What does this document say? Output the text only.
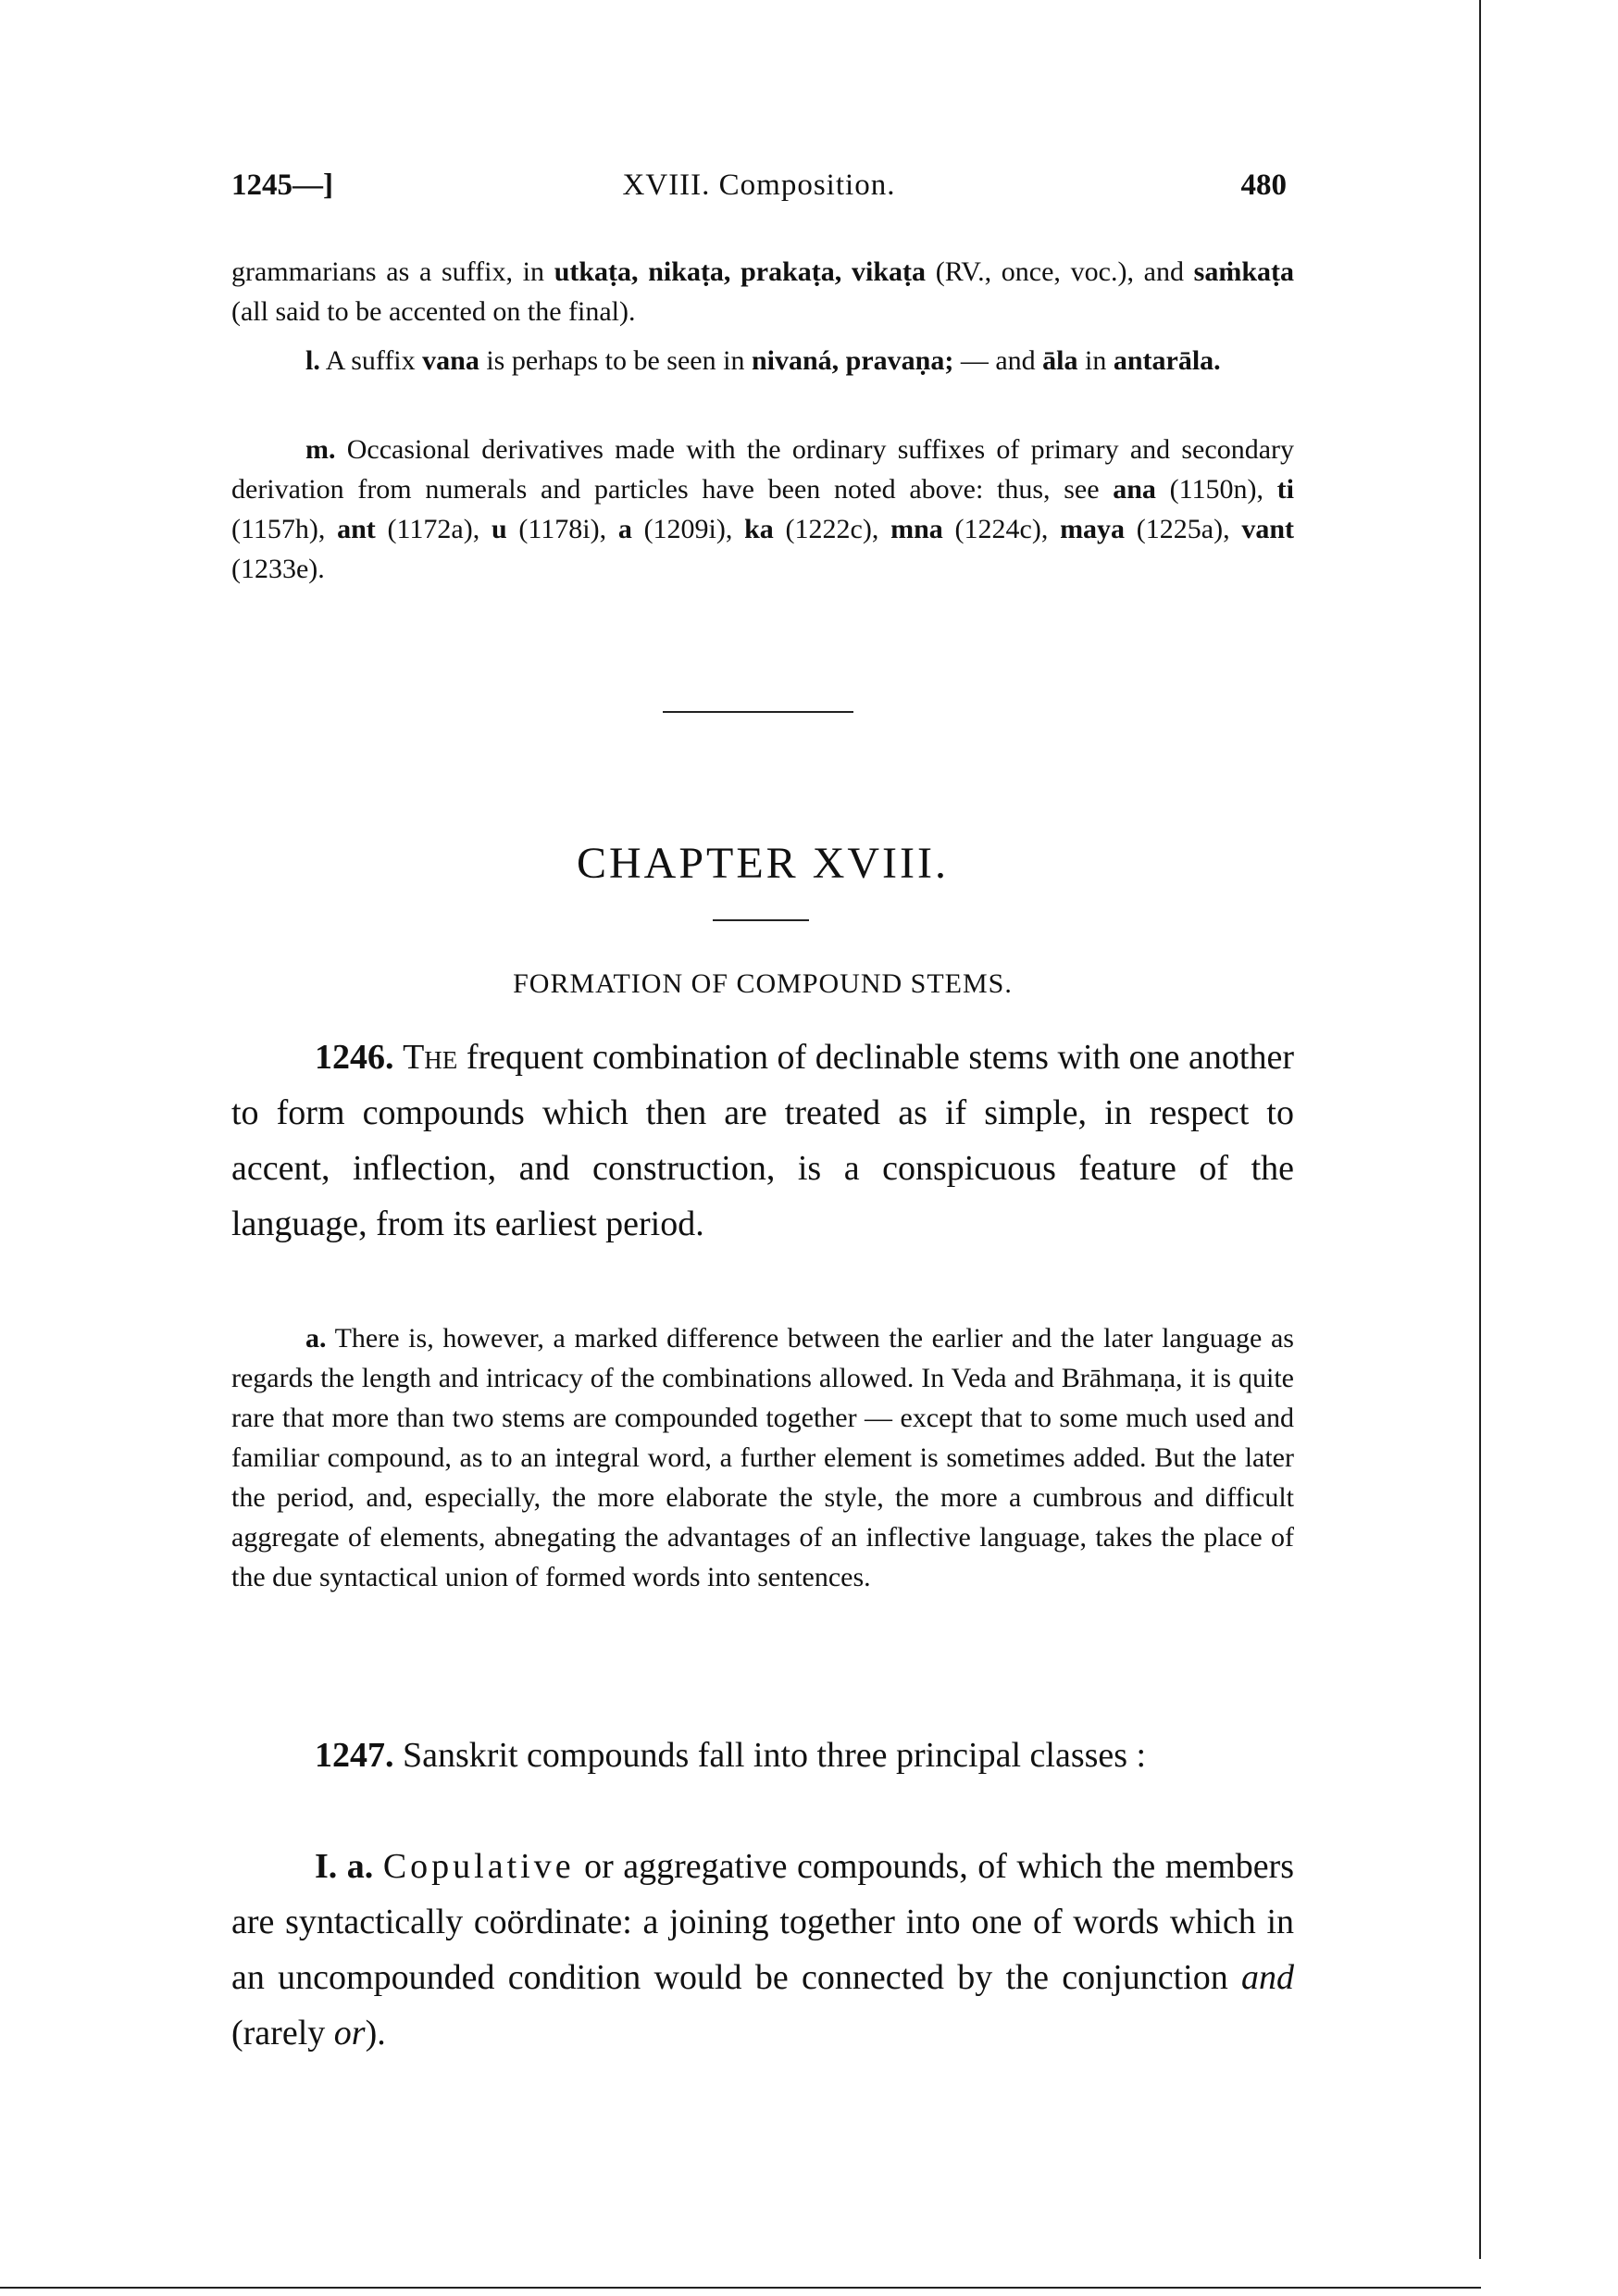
1245—]	XVIII. Composition.	480

grammarians as a suffix, in utkaṭa, nikaṭa, prakaṭa, vikaṭa (RV., once, voc.), and saṁkaṭa (all said to be accented on the final).

l. A suffix vana is perhaps to be seen in nivaná, pravaṇa; — and āla in antarāla.

m. Occasional derivatives made with the ordinary suffixes of primary and secondary derivation from numerals and particles have been noted above: thus, see ana (1150n), ti (1157h), ant (1172a), u (1178i), a (1209i), ka (1222c), mna (1224c), maya (1225a), vant (1233e).

CHAPTER XVIII.
FORMATION OF COMPOUND STEMS.

1246. The frequent combination of declinable stems with one another to form compounds which then are treated as if simple, in respect to accent, inflection, and construction, is a conspicuous feature of the language, from its earliest period.

a. There is, however, a marked difference between the earlier and the later language as regards the length and intricacy of the combinations allowed. In Veda and Brāhmaṇa, it is quite rare that more than two stems are compounded together — except that to some much used and familiar compound, as to an integral word, a further element is sometimes added. But the later the period, and, especially, the more elaborate the style, the more a cumbrous and difficult aggregate of elements, abnegating the advantages of an inflective language, takes the place of the due syntactical union of formed words into sentences.

1247. Sanskrit compounds fall into three principal classes :

I. a. Copulative or aggregative compounds, of which the members are syntactically coördinate: a joining together into one of words which in an uncompounded condition would be connected by the conjunction and (rarely or).
